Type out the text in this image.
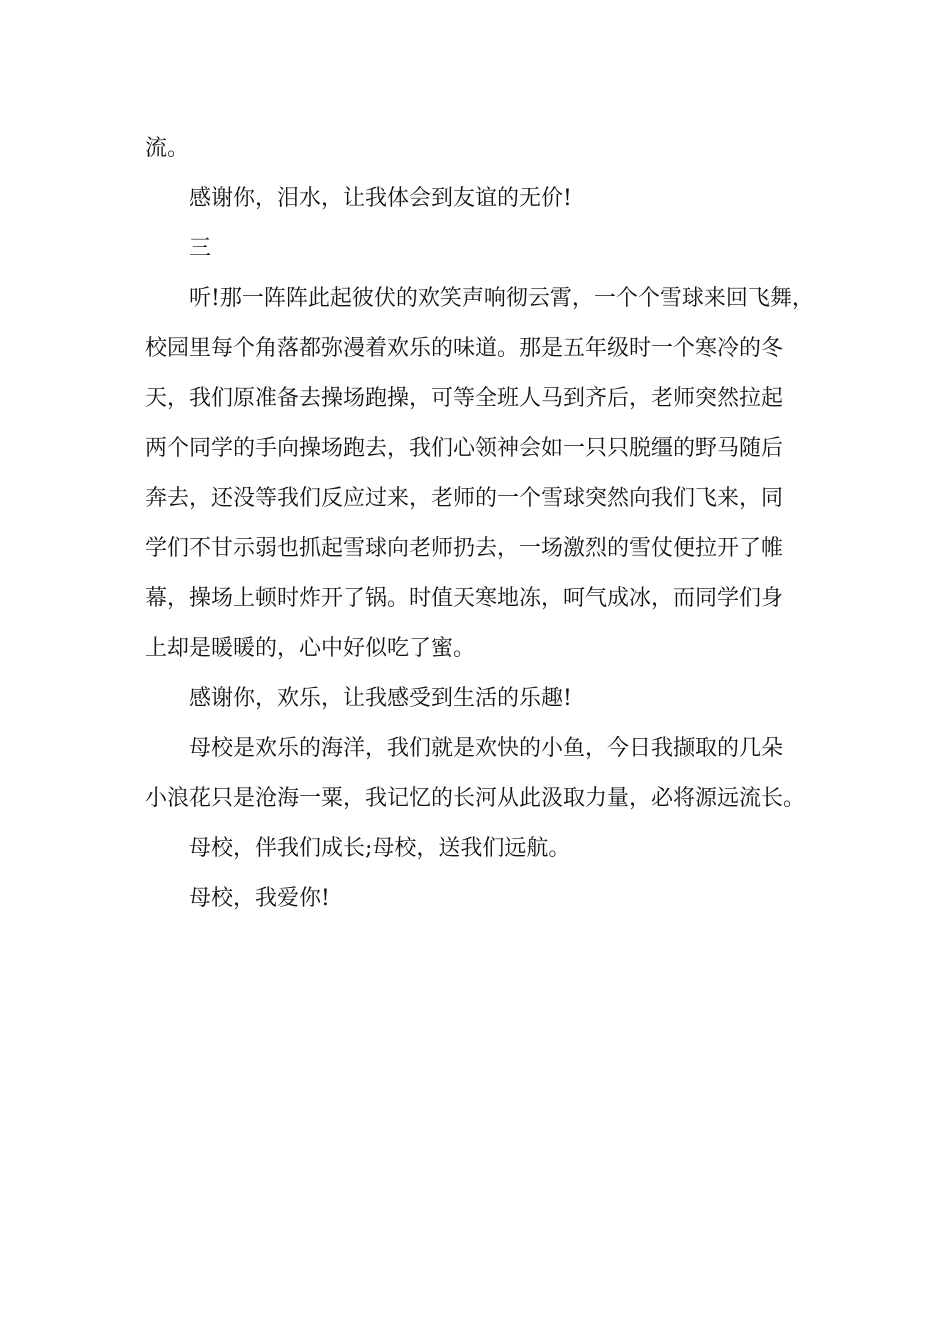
流。
感谢你，泪水，让我体会到友谊的无价!
三
听!那一阵阵此起彼伏的欢笑声响彻云霄，一个个雪球来回飞舞，
校园里每个角落都弥漫着欢乐的味道。那是五年级时一个寒冷的冬
天，我们原准备去操场跑操，可等全班人马到齐后，老师突然拉起
两个同学的手向操场跑去，我们心领神会如一只只脱缰的野马随后
奔去，还没等我们反应过来，老师的一个雪球突然向我们飞来，同
学们不甘示弱也抓起雪球向老师扔去，一场激烈的雪仗便拉开了帷
幕，操场上顿时炸开了锅。时值天寒地冻，呵气成冰，而同学们身
上却是暖暖的，心中好似吃了蜜。
感谢你，欢乐，让我感受到生活的乐趣!
母校是欢乐的海洋，我们就是欢快的小鱼，今日我撷取的几朵
小浪花只是沧海一粟，我记忆的长河从此汲取力量，必将源远流长。
母校，伴我们成长;母校，送我们远航。
母校，我爱你!
